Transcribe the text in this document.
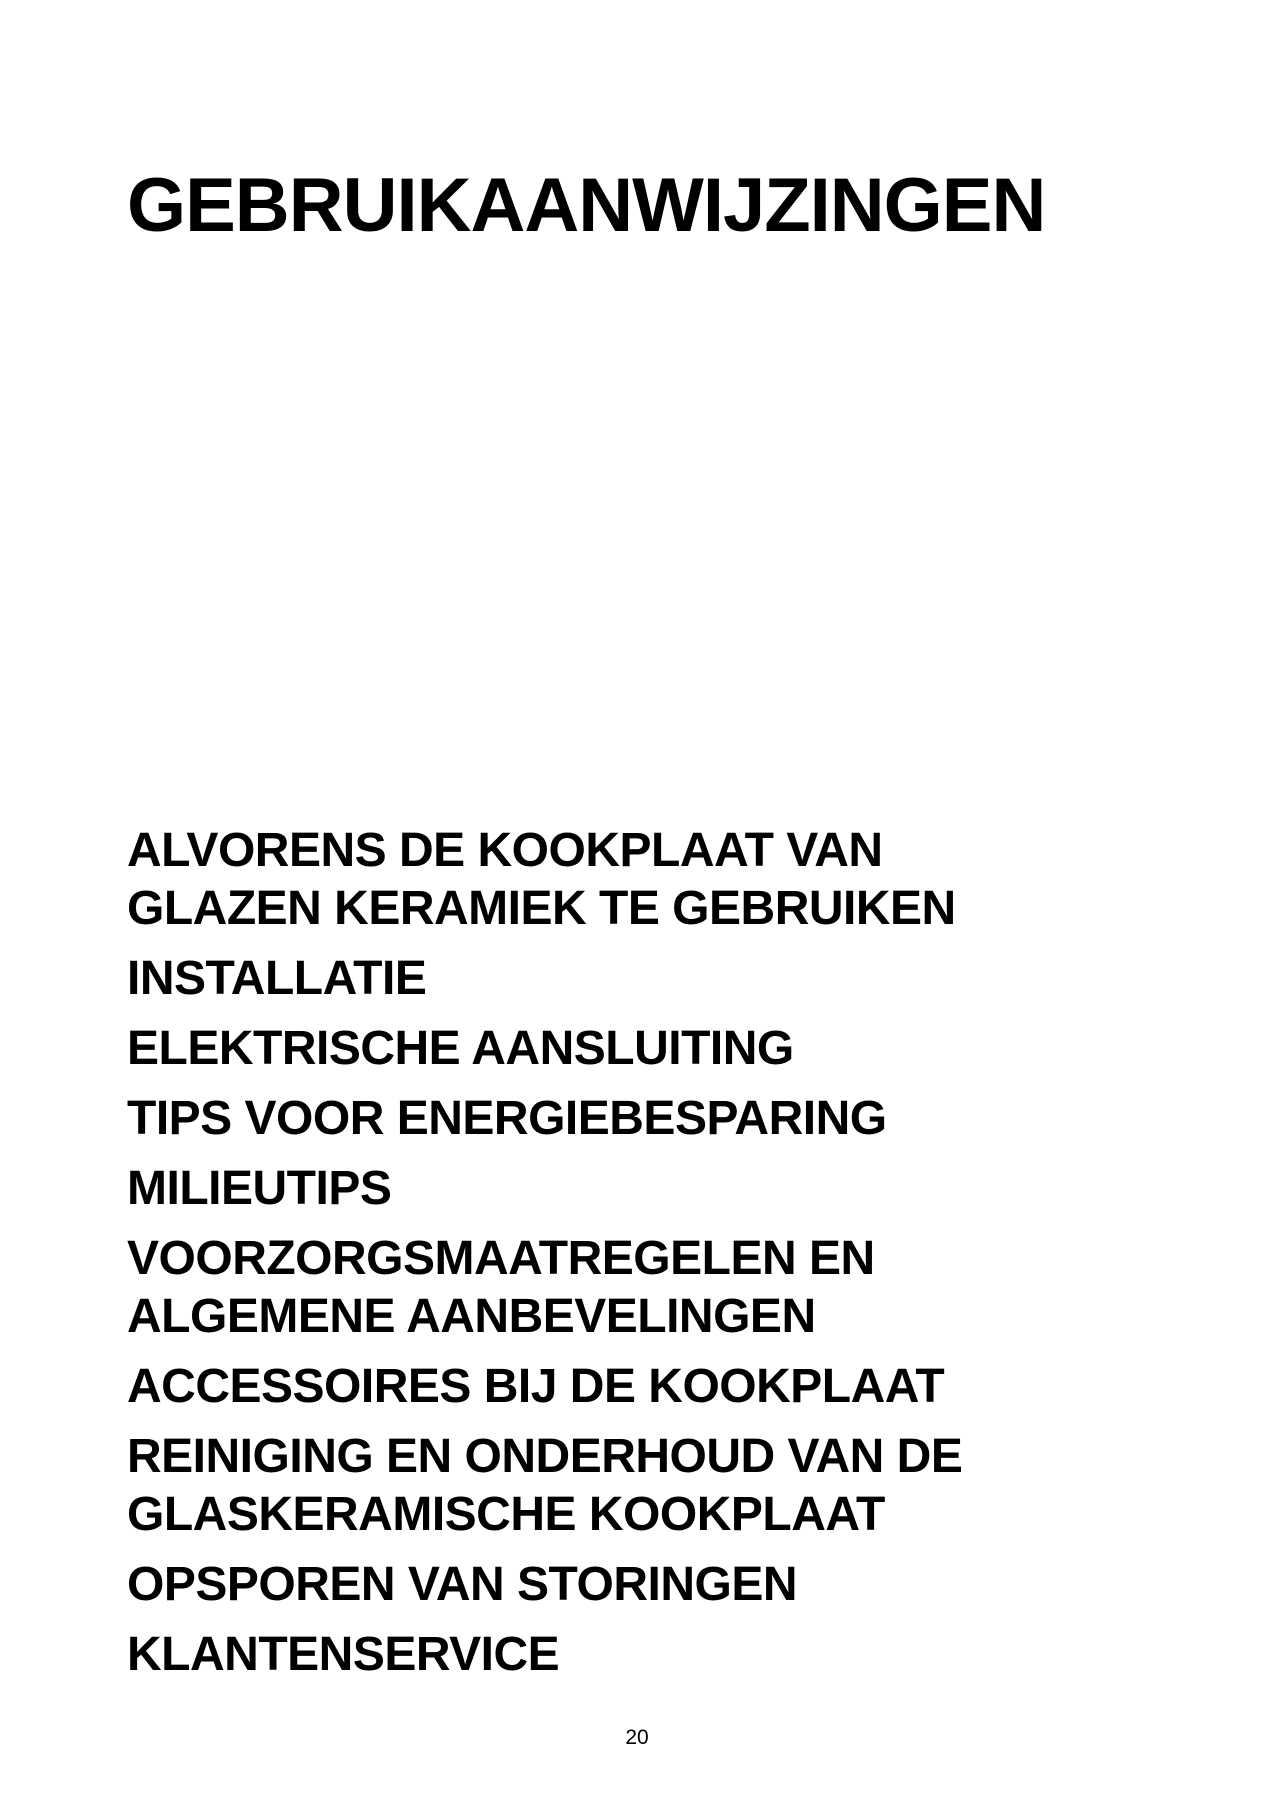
GEBRUIKAANWIJZINGEN
ALVORENS DE KOOKPLAAT VAN
GLAZEN KERAMIEK TE GEBRUIKEN
INSTALLATIE
ELEKTRISCHE AANSLUITING
TIPS VOOR ENERGIEBESPARING
MILIEUTIPS
VOORZORGSMAATREGELEN EN
ALGEMENE AANBEVELINGEN
ACCESSOIRES BIJ DE KOOKPLAAT
REINIGING EN ONDERHOUD VAN DE
GLASKERAMISCHE KOOKPLAAT
OPSPOREN VAN STORINGEN
KLANTENSERVICE
20
